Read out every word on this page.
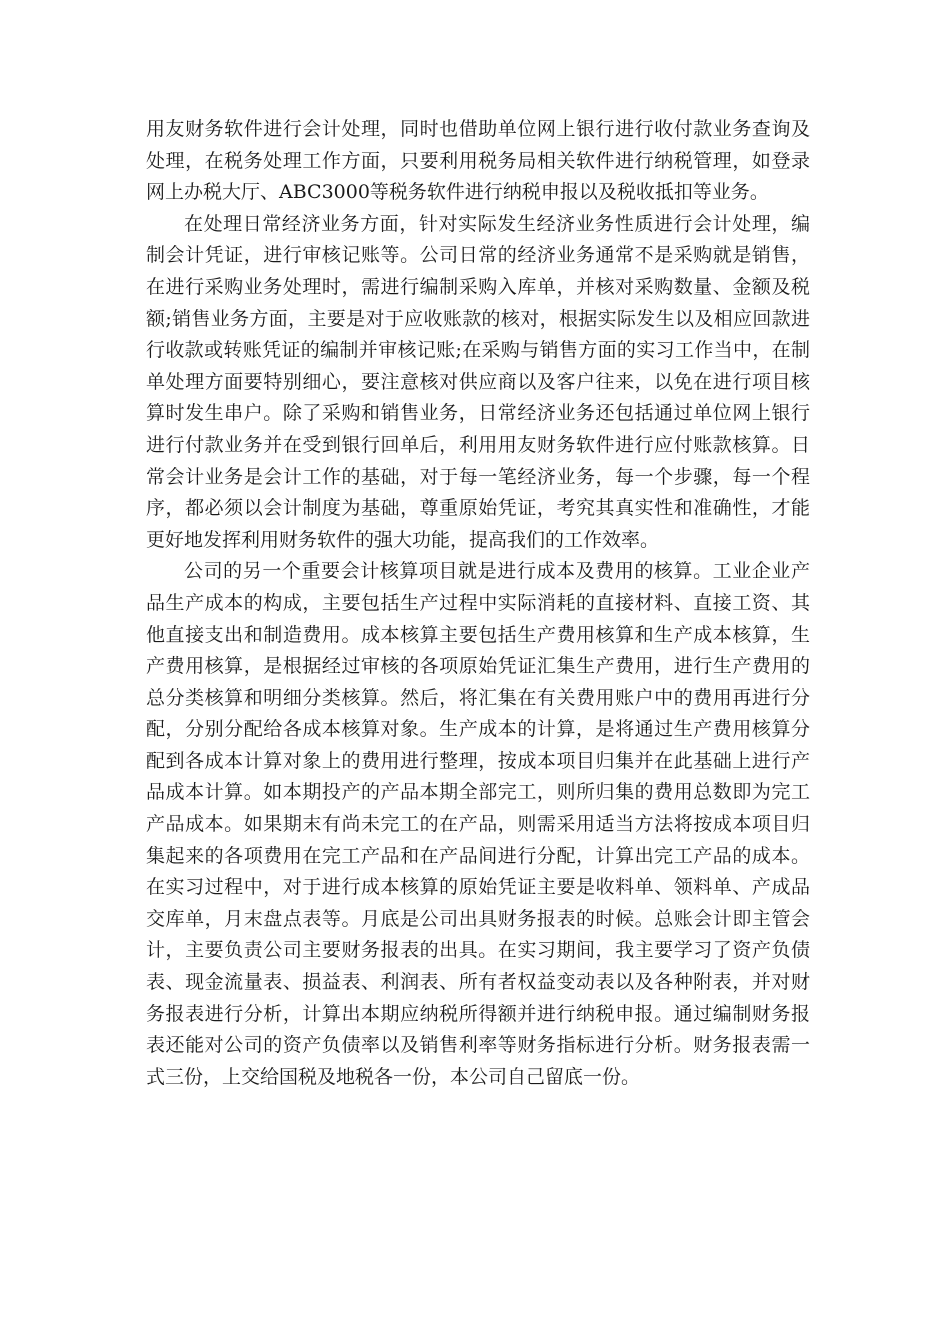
用友财务软件进行会计处理，同时也借助单位网上银行进行收付款业务查询及处理，在税务处理工作方面，只要利用税务局相关软件进行纳税管理，如登录网上办税大厅、ABC3000等税务软件进行纳税申报以及税收抵扣等业务。

在处理日常经济业务方面，针对实际发生经济业务性质进行会计处理，编制会计凭证，进行审核记账等。公司日常的经济业务通常不是采购就是销售，在进行采购业务处理时，需进行编制采购入库单，并核对采购数量、金额及税额;销售业务方面，主要是对于应收账款的核对，根据实际发生以及相应回款进行收款或转账凭证的编制并审核记账;在采购与销售方面的实习工作当中，在制单处理方面要特别细心，要注意核对供应商以及客户往来，以免在进行项目核算时发生串户。除了采购和销售业务，日常经济业务还包括通过单位网上银行进行付款业务并在受到银行回单后，利用用友财务软件进行应付账款核算。日常会计业务是会计工作的基础，对于每一笔经济业务，每一个步骤，每一个程序，都必须以会计制度为基础，尊重原始凭证，考究其真实性和准确性，才能更好地发挥利用财务软件的强大功能，提高我们的工作效率。

公司的另一个重要会计核算项目就是进行成本及费用的核算。工业企业产品生产成本的构成，主要包括生产过程中实际消耗的直接材料、直接工资、其他直接支出和制造费用。成本核算主要包括生产费用核算和生产成本核算，生产费用核算，是根据经过审核的各项原始凭证汇集生产费用，进行生产费用的总分类核算和明细分类核算。然后，将汇集在有关费用账户中的费用再进行分配，分别分配给各成本核算对象。生产成本的计算，是将通过生产费用核算分配到各成本计算对象上的费用进行整理，按成本项目归集并在此基础上进行产品成本计算。如本期投产的产品本期全部完工，则所归集的费用总数即为完工产品成本。如果期末有尚未完工的在产品，则需采用适当方法将按成本项目归集起来的各项费用在完工产品和在产品间进行分配，计算出完工产品的成本。在实习过程中，对于进行成本核算的原始凭证主要是收料单、领料单、产成品交库单，月末盘点表等。月底是公司出具财务报表的时候。总账会计即主管会计，主要负责公司主要财务报表的出具。在实习期间，我主要学习了资产负债表、现金流量表、损益表、利润表、所有者权益变动表以及各种附表，并对财务报表进行分析，计算出本期应纳税所得额并进行纳税申报。通过编制财务报表还能对公司的资产负债率以及销售利率等财务指标进行分析。财务报表需一式三份，上交给国税及地税各一份，本公司自己留底一份。
